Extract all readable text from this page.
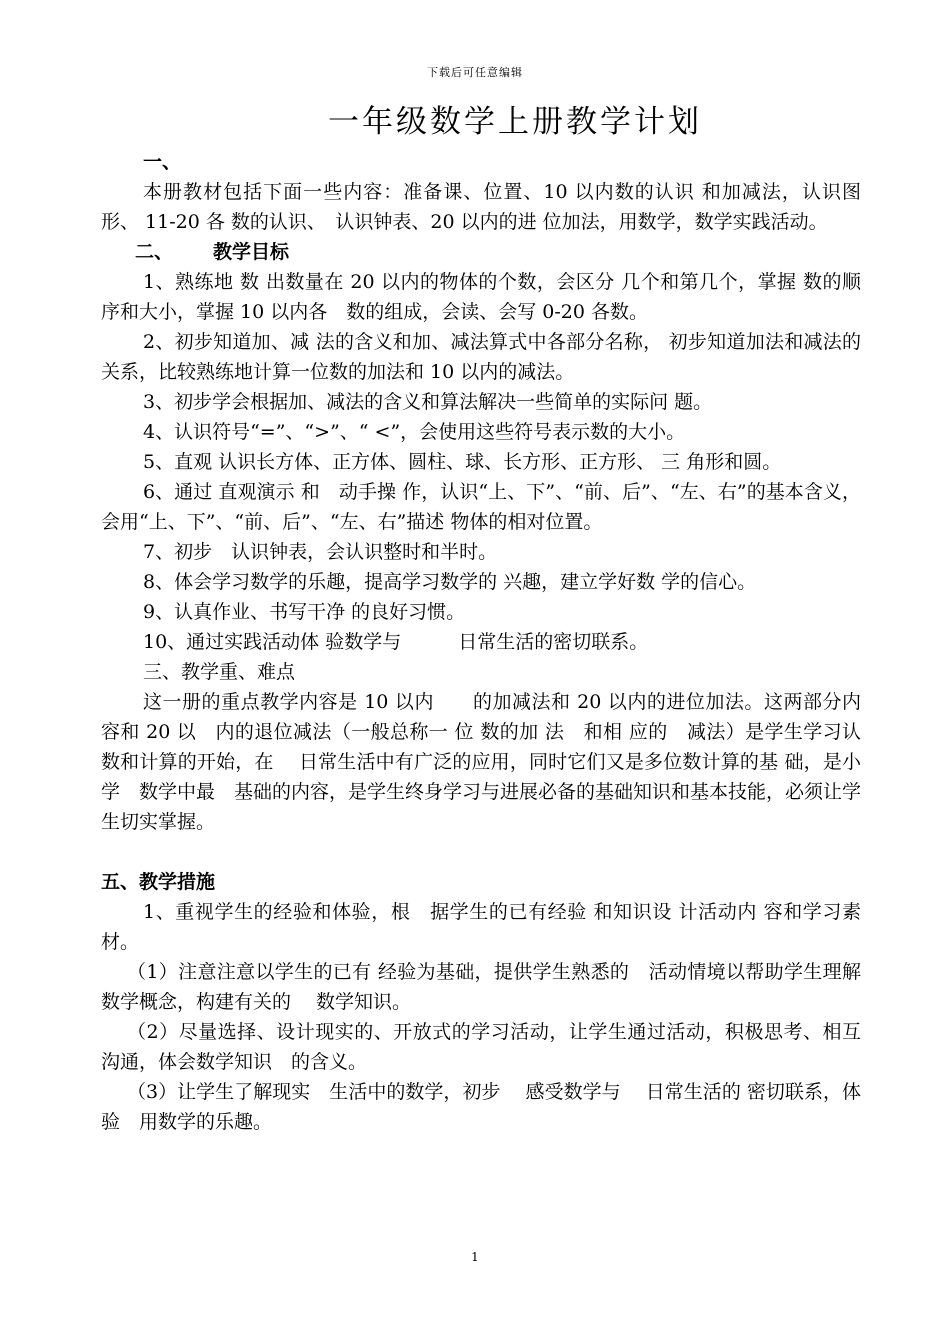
下载后可任意编辑
一年级数学上册教学计划

一、

本册教材包括下面一些内容：准备课、位置、10 以内数的认识 和加减法，认识图形、 11-20 各 数的认识、　认识钟表、20 以内的进 位加法，用数学，数学实践活动。

二、 教学目标

1、熟练地 数 出数量在 20 以内的物体的个数，会区分 几个和第几个，掌握 数的顺序和大小，掌握 10 以内各　数的组成，会读、会写 0-20 各数。

2、初步知道加、减 法的含义和加、减法算式中各部分名称， 初步知道加法和减法的关系，比较熟练地计算一位数的加法和 10 以内的减法。

3、初步学会根据加、减法的含义和算法解决一些简单的实际问 题。

4、认识符号“=”、“>”、“ <”，会使用这些符号表示数的大小。

5、直观 认识长方体、正方体、圆柱、球、长方形、正方形、 三 角形和圆。

6、通过 直观演示 和　动手操 作，认识“上、下”、“前、后”、“左、右”的基本含义，会用“上、下”、“前、后”、“左、右”描述 物体的相对位置。

7、初步　认识钟表，会认识整时和半时。

8、体会学习数学的乐趣，提高学习数学的 兴趣，建立学好数 学的信心。

9、认真作业、书写干净 的良好习惯。

10、通过实践活动体 验数学与　　　日常生活的密切联系。

三、教学重、难点

这一册的重点教学内容是 10 以内　　的加减法和 20 以内的进位加法。这两部分内容和 20 以　内的退位减法（一般总称一 位 数的加 法　和相 应的　减法）是学生学习认数和计算的开始，在　 日常生活中有广泛的应用，同时它们又是多位数计算的基 础，是小学　数学中最　基础的内容，是学生终身学习与进展必备的基础知识和基本技能，必须让学生切实掌握。

五、教学措施

1、重视学生的经验和体验，根　据学生的已有经验 和知识设 计活动内 容和学习素材。

（1）注意注意以学生的已有 经验为基础，提供学生熟悉的　活动情境以帮助学生理解数学概念，构建有关的　 数学知识。

（2）尽量选择、设计现实的、开放式的学习活动，让学生通过活动，积极思考、相互沟通，体会数学知识　的含义。

（3）让学生了解现实　生活中的数学，初步　 感受数学与　 日常生活的 密切联系，体验　用数学的乐趣。

1
